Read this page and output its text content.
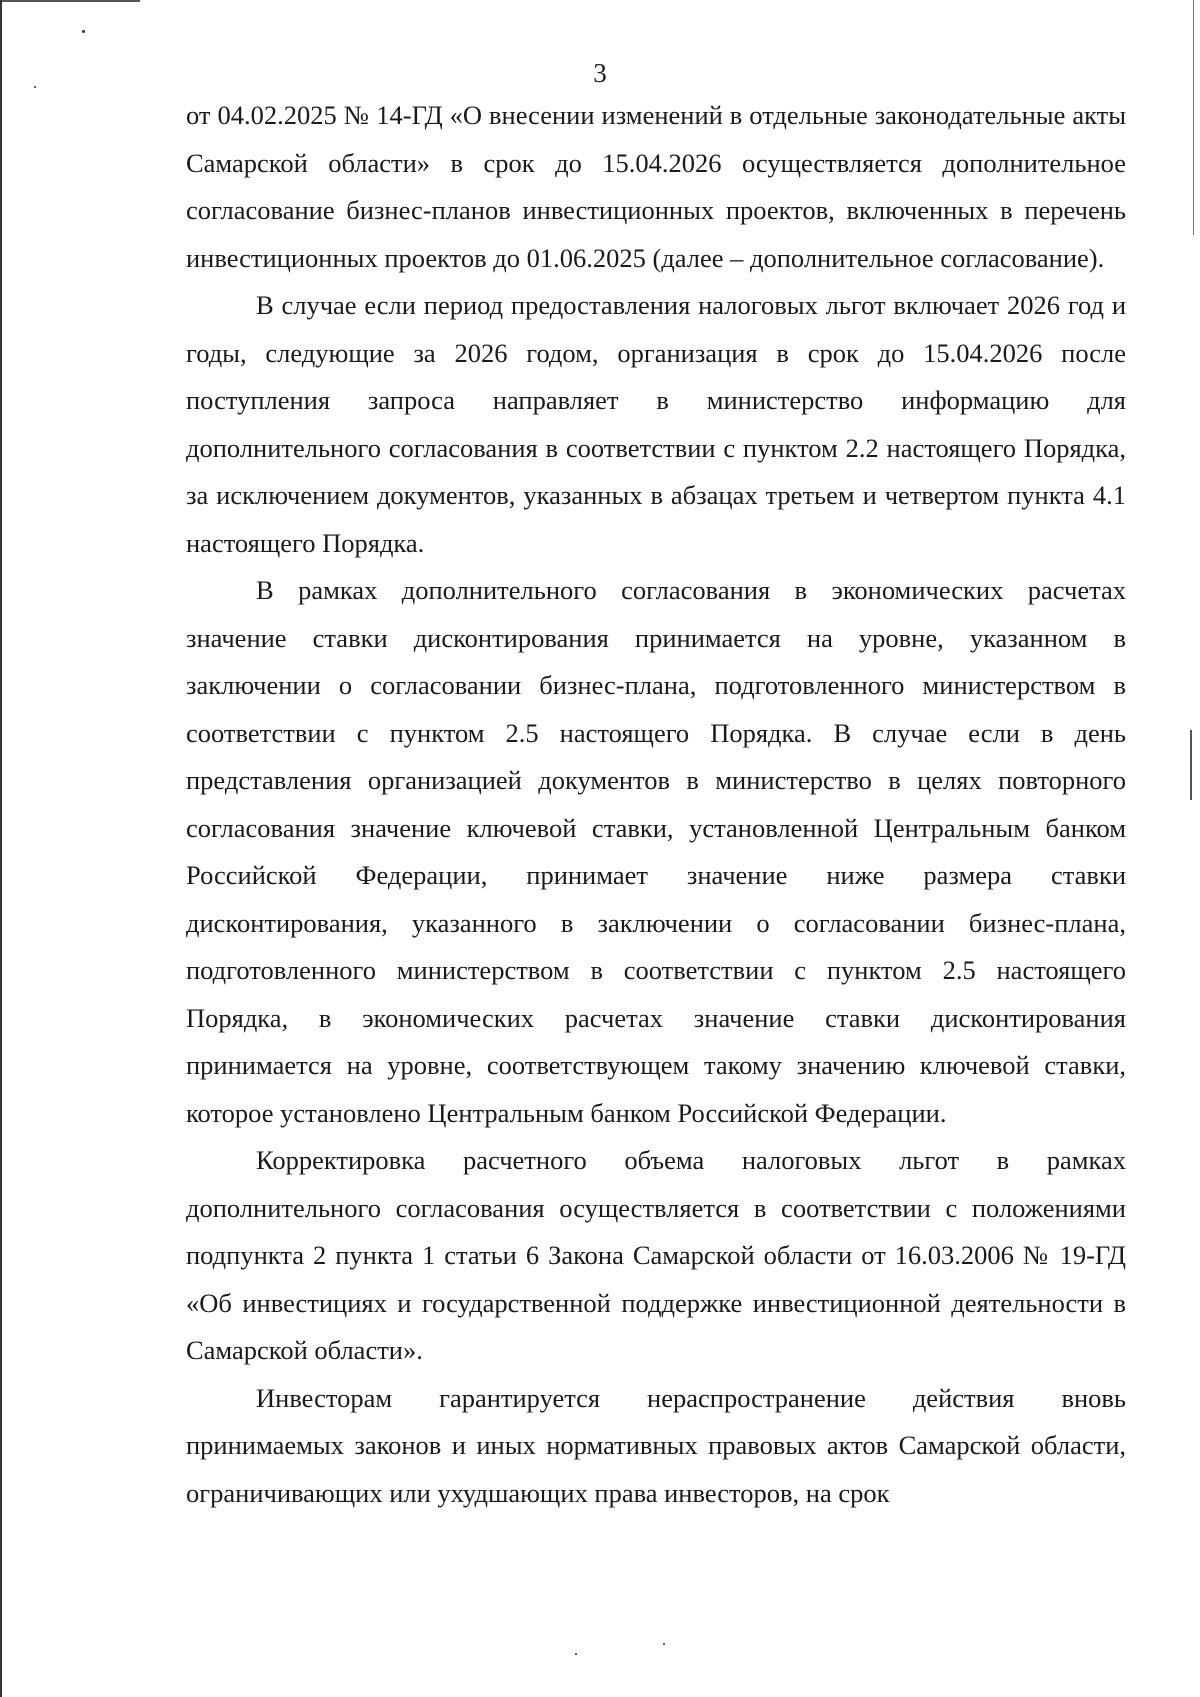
3

от 04.02.2025 № 14-ГД «О внесении изменений в отдельные законодательные акты Самарской области» в срок до 15.04.2026 осуществляется дополнительное согласование бизнес-планов инвестиционных проектов, включенных в перечень инвестиционных проектов до 01.06.2025 (далее – дополнительное согласование).

В случае если период предоставления налоговых льгот включает 2026 год и годы, следующие за 2026 годом, организация в срок до 15.04.2026 после поступления запроса направляет в министерство информацию для дополнительного согласования в соответствии с пунктом 2.2 настоящего Порядка, за исключением документов, указанных в абзацах третьем и четвертом пункта 4.1 настоящего Порядка.

В рамках дополнительного согласования в экономических расчетах значение ставки дисконтирования принимается на уровне, указанном в заключении о согласовании бизнес-плана, подготовленного министерством в соответствии с пунктом 2.5 настоящего Порядка. В случае если в день представления организацией документов в министерство в целях повторного согласования значение ключевой ставки, установленной Центральным банком Российской Федерации, принимает значение ниже размера ставки дисконтирования, указанного в заключении о согласовании бизнес-плана, подготовленного министерством в соответствии с пунктом 2.5 настоящего Порядка, в экономических расчетах значение ставки дисконтирования принимается на уровне, соответствующем такому значению ключевой ставки, которое установлено Центральным банком Российской Федерации.

Корректировка расчетного объема налоговых льгот в рамках дополнительного согласования осуществляется в соответствии с положениями подпункта 2 пункта 1 статьи 6 Закона Самарской области от 16.03.2006 № 19-ГД «Об инвестициях и государственной поддержке инвестиционной деятельности в Самарской области».

Инвесторам гарантируется нераспространение действия вновь принимаемых законов и иных нормативных правовых актов Самарской области, ограничивающих или ухудшающих права инвесторов, на срок
